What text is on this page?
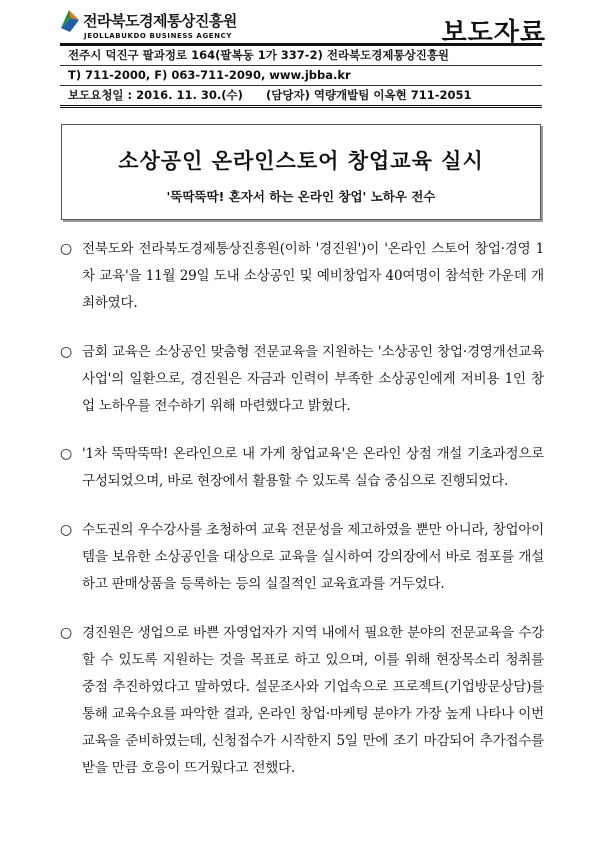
전라북도경제통상진흥원
JEOLLABUKDO BUSINESS AGENCY	보도자료
전주시 덕진구 팔과정로 164(팔복동 1가 337-2) 전라북도경제통상진흥원
T) 711-2000, F) 063-711-2090, www.jbba.kr
보도요청일 : 2016. 11. 30.(수) (담당자) 역량개발팀 이옥현 711-2051
소상공인 온라인스토어 창업교육 실시
'뚝딱뚝딱! 혼자서 하는 온라인 창업' 노하우 전수
○ 전북도와 전라북도경제통상진흥원(이하 '경진원')이 '온라인 스토어 창업·경영 1차 교육'을 11월 29일 도내 소상공인 및 예비창업자 40여명이 참석한 가운데 개최하였다.
○ 금회 교육은 소상공인 맞춤형 전문교육을 지원하는 '소상공인 창업·경영개선교육 사업'의 일환으로, 경진원은 자금과 인력이 부족한 소상공인에게 저비용 1인 창업 노하우를 전수하기 위해 마련했다고 밝혔다.
○ '1차 뚝딱뚝딱! 온라인으로 내 가게 창업교육'은 온라인 상점 개설 기초과정으로 구성되었으며, 바로 현장에서 활용할 수 있도록 실습 중심으로 진행되었다.
○ 수도권의 우수강사를 초청하여 교육 전문성을 제고하였을 뿐만 아니라, 창업아이템을 보유한 소상공인을 대상으로 교육을 실시하여 강의장에서 바로 점포를 개설하고 판매상품을 등록하는 등의 실질적인 교육효과를 거두었다.
○ 경진원은 생업으로 바쁜 자영업자가 지역 내에서 필요한 분야의 전문교육을 수강할 수 있도록 지원하는 것을 목표로 하고 있으며, 이를 위해 현장목소리 청취를 중점 추진하였다고 말하였다. 설문조사와 기업속으로 프로젝트(기업방문상담)를 통해 교육수요를 파악한 결과, 온라인 창업·마케팅 분야가 가장 높게 나타나 이번 교육을 준비하였는데, 신청접수가 시작한지 5일 만에 조기 마감되어 추가접수를 받을 만큼 호응이 뜨거웠다고 전했다.
